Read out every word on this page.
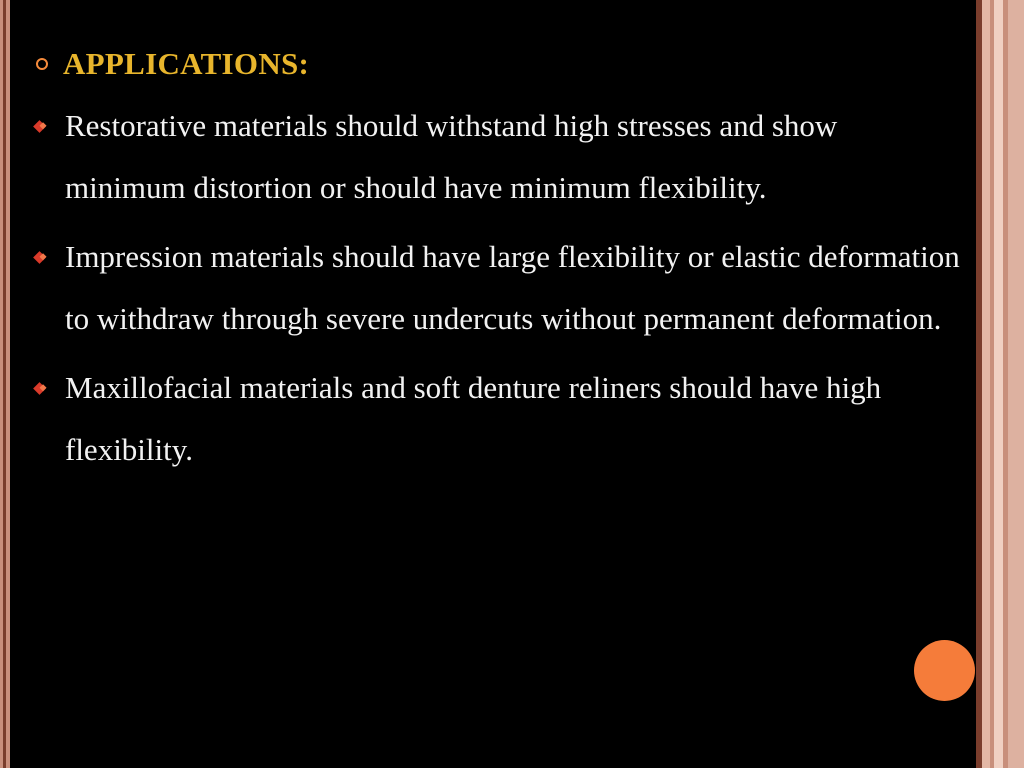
APPLICATIONS:
Restorative materials should withstand high stresses and show minimum distortion or should have minimum flexibility.
Impression materials should have large flexibility or elastic deformation to withdraw through severe undercuts without permanent deformation.
Maxillofacial materials and soft denture reliners should have high flexibility.
